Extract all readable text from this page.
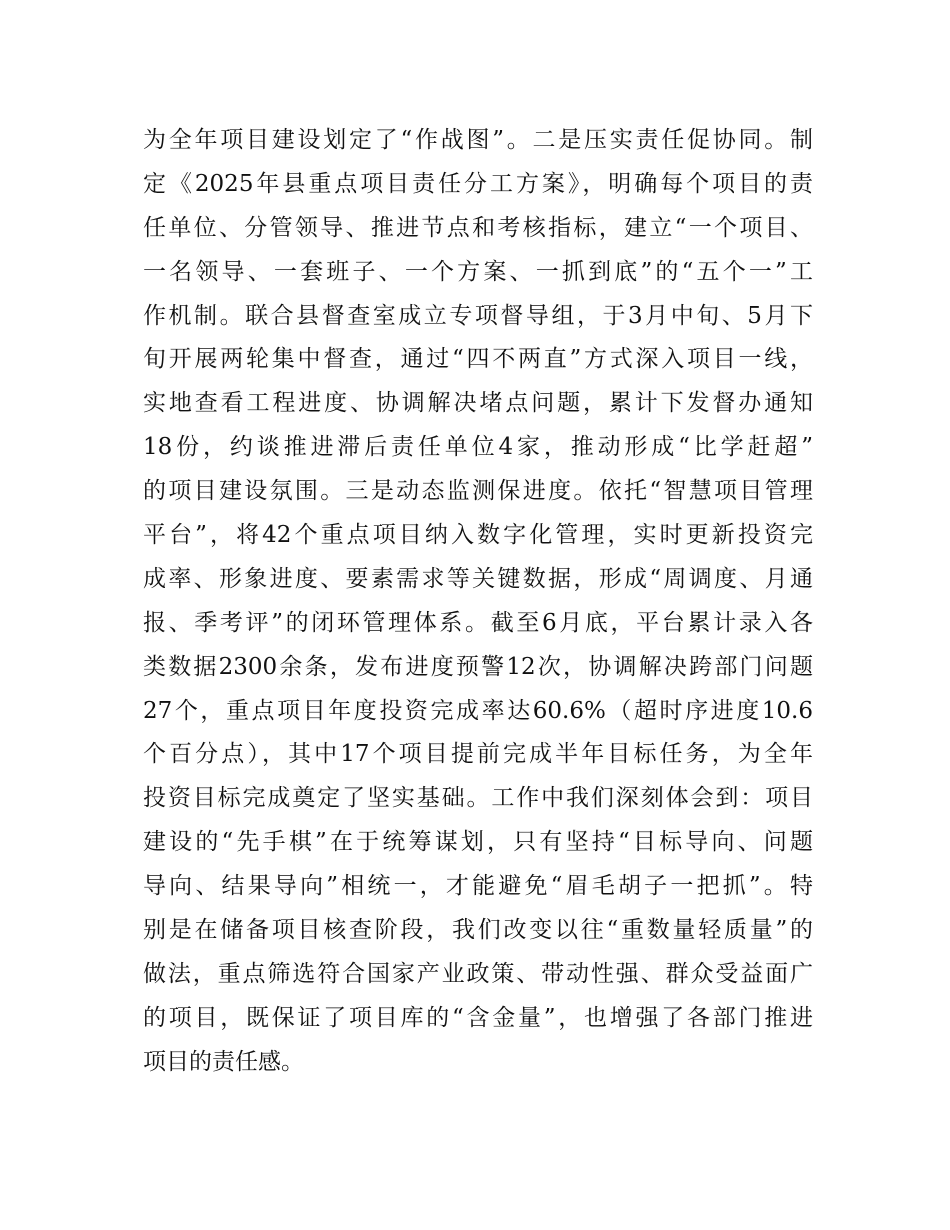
为全年项目建设划定了“作战图”。二是压实责任促协同。制
定《2025年县重点项目责任分工方案》，明确每个项目的责
任单位、分管领导、推进节点和考核指标，建立“一个项目、
一名领导、一套班子、一个方案、一抓到底”的“五个一”工
作机制。联合县督查室成立专项督导组，于3月中旬、5月下
旬开展两轮集中督查，通过“四不两直”方式深入项目一线，
实地查看工程进度、协调解决堵点问题，累计下发督办通知
18份，约谈推进滞后责任单位4家，推动形成“比学赶超”
的项目建设氛围。三是动态监测保进度。依托“智慧项目管理
平台”，将42个重点项目纳入数字化管理，实时更新投资完
成率、形象进度、要素需求等关键数据，形成“周调度、月通
报、季考评”的闭环管理体系。截至6月底，平台累计录入各
类数据2300余条，发布进度预警12次，协调解决跨部门问题
27个，重点项目年度投资完成率达60.6%（超时序进度10.6
个百分点），其中17个项目提前完成半年目标任务，为全年
投资目标完成奠定了坚实基础。工作中我们深刻体会到：项目
建设的“先手棋”在于统筹谋划，只有坚持“目标导向、问题
导向、结果导向”相统一，才能避免“眉毛胡子一把抓”。特
别是在储备项目核查阶段，我们改变以往“重数量轻质量”的
做法，重点筛选符合国家产业政策、带动性强、群众受益面广
的项目，既保证了项目库的“含金量”，也增强了各部门推进
项目的责任感。
